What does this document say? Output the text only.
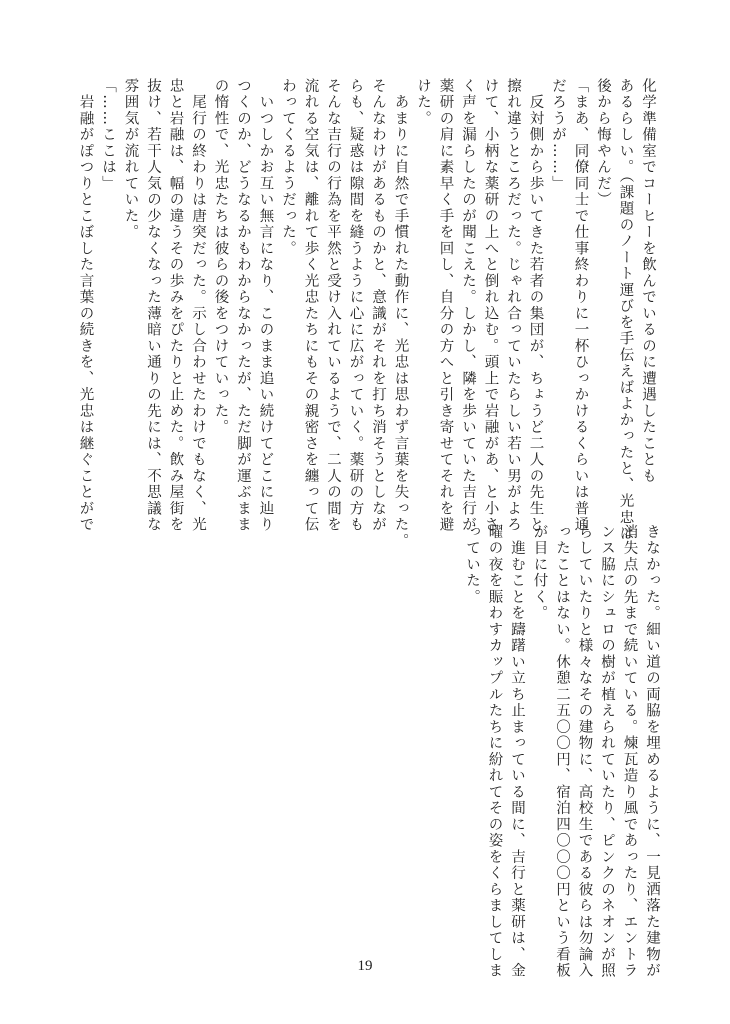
化学準備室でコーヒーを飲んでいるのに遭遇したことも
あるらしい。（課題のノート運びを手伝えばよかったと、光忠は
後から悔やんだ）
「まあ、同僚同士で仕事終わりに一杯ひっかけるくらいは普通
だろうが……」
　反対側から歩いてきた若者の集団が、ちょうど二人の先生と
擦れ違うところだった。じゃれ合っていたらしい若い男がよろ
けて、小柄な薬研の上へと倒れ込む。頭上で岩融があ、と小さ
く声を漏らしたのが聞こえた。しかし、隣を歩いていた吉行が
薬研の肩に素早く手を回し、自分の方へと引き寄せてそれを避
けた。
　あまりに自然で手慣れた動作に、光忠は思わず言葉を失った。
そんなわけがあるものかと、意識がそれを打ち消そうとしなが
らも、疑惑は隙間を縫うように心に広がっていく。薬研の方も
そんな吉行の行為を平然と受け入れているようで、二人の間を
流れる空気は、離れて歩く光忠たちにもその親密さを纏って伝
わってくるようだった。
　いつしかお互い無言になり、このまま追い続けてどこに辿り
つくのか、どうなるかもわからなかったが、ただ脚が運ぶまま
の惰性で、光忠たちは彼らの後をつけていった。
　尾行の終わりは唐突だった。示し合わせたわけでもなく、光
忠と岩融は、幅の違うその歩みをぴたりと止めた。飲み屋街を
抜け、若干人気の少なくなった薄暗い通りの先には、不思議な
雰囲気が流れていた。
「……ここは」
　岩融がぽつりとこぼした言葉の続きを、光忠は継ぐことがで
きなかった。細い道の両脇を埋めるように、一見洒落た建物が
消失点の先まで続いている。煉瓦造り風であったり、エントラ
ンス脇にシュロの樹が植えられていたり、ピンクのネオンが照
らしていたりと様々なその建物に、高校生である彼らは勿論入
ったことはない。休憩二五〇〇円、宿泊四〇〇〇円という看板
が目に付く。
　進むことを躊躇い立ち止まっている間に、吉行と薬研は、金
曜の夜を賑わすカップルたちに紛れてその姿をくらましてしま
っていた。
19
